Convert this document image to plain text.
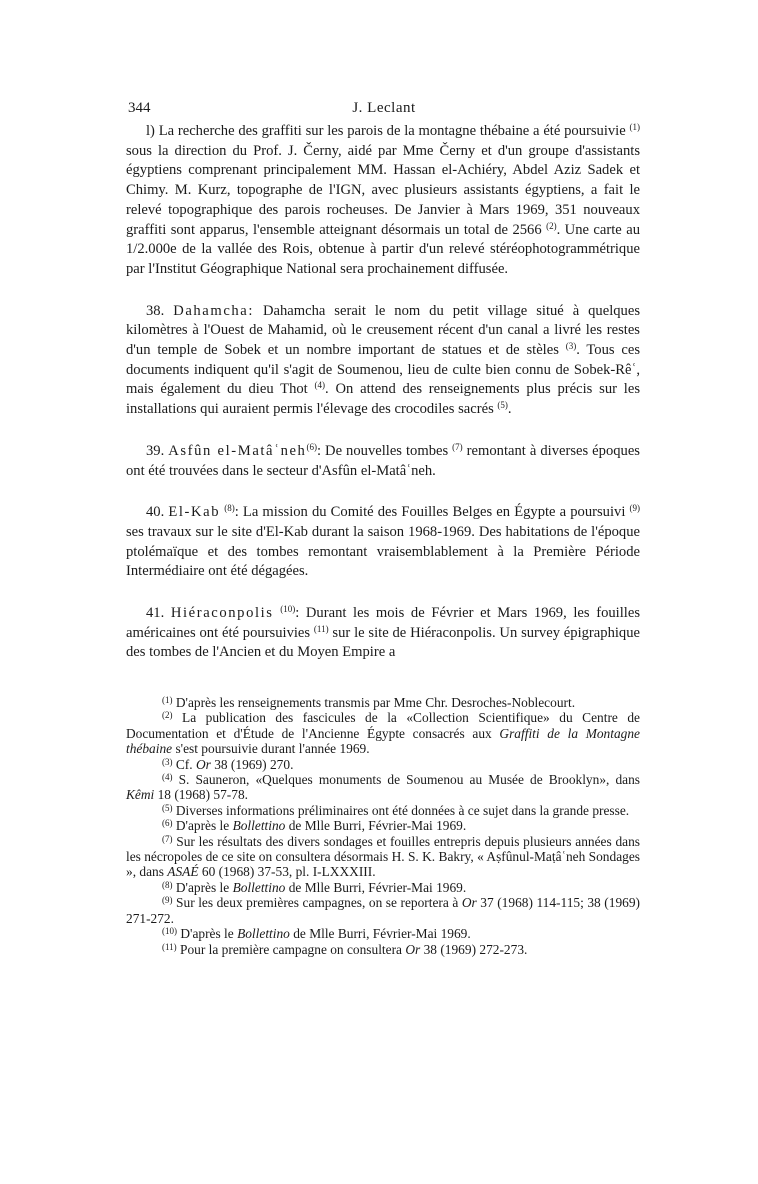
344	J. Leclant

l) La recherche des graffiti sur les parois de la montagne thébaine a été poursuivie $^{(1)}$ sous la direction du Prof. J. Černy, aidé par Mme Černy et d'un groupe d'assistants égyptiens comprenant principalement MM. Hassan el-Achiéry, Abdel Aziz Sadek et Chimy. M. Kurz, topographe de l'IGN, avec plusieurs assistants égyptiens, a fait le relevé topographique des parois rocheuses. De Janvier à Mars 1969, 351 nouveaux graffiti sont apparus, l'ensemble atteignant désormais un total de 2566 $^{(2)}$. Une carte au 1/2.000e de la vallée des Rois, obtenue à partir d'un relevé stéréophotogrammétrique par l'Institut Géographique National sera prochainement diffusée.

38. Dahamcha: Dahamcha serait le nom du petit village situé à quelques kilomètres à l'Ouest de Mahamid, où le creusement récent d'un canal a livré les restes d'un temple de Sobek et un nombre important de statues et de stèles $^{(3)}$. Tous ces documents indiquent qu'il s'agit de Soumenou, lieu de culte bien connu de Sobek-Rêʿ, mais également du dieu Thot $^{(4)}$. On attend des renseignements plus précis sur les installations qui auraient permis l'élevage des crocodiles sacrés $^{(5)}$.

39. Asfûn el-Matâʿneh$^{(6)}$: De nouvelles tombes $^{(7)}$ remontant à diverses époques ont été trouvées dans le secteur d'Asfûn el-Matâʿneh.

40. El-Kab $^{(8)}$: La mission du Comité des Fouilles Belges en Égypte a poursuivi $^{(9)}$ ses travaux sur le site d'El-Kab durant la saison 1968-1969. Des habitations de l'époque ptolémaïque et des tombes remontant vraisemblablement à la Première Période Intermédiaire ont été dégagées.

41. Hiéraconpolis $^{(10)}$: Durant les mois de Février et Mars 1969, les fouilles américaines ont été poursuivies $^{(11)}$ sur le site de Hiéraconpolis. Un survey épigraphique des tombes de l'Ancien et du Moyen Empire a

$^{(1)}$ D'après les renseignements transmis par Mme Chr. Desroches-Noblecourt.

$^{(2)}$ La publication des fascicules de la «Collection Scientifique» du Centre de Documentation et d'Étude de l'Ancienne Égypte consacrés aux Graffiti de la Montagne thébaine s'est poursuivie durant l'année 1969.

$^{(3)}$ Cf. Or 38 (1969) 270.

$^{(4)}$ S. Sauneron, «Quelques monuments de Soumenou au Musée de Brooklyn», dans Kêmi 18 (1968) 57-78.

$^{(5)}$ Diverses informations préliminaires ont été données à ce sujet dans la grande presse.

$^{(6)}$ D'après le Bollettino de Mlle Burri, Février-Mai 1969.

$^{(7)}$ Sur les résultats des divers sondages et fouilles entrepris depuis plusieurs années dans les nécropoles de ce site on consultera désormais H. S. K. Bakry, « Aṣfûnul-Maṭâʿneh Sondages », dans ASAÉ 60 (1968) 37-53, pl. I-LXXXIII.

$^{(8)}$ D'après le Bollettino de Mlle Burri, Février-Mai 1969.

$^{(9)}$ Sur les deux premières campagnes, on se reportera à Or 37 (1968) 114-115; 38 (1969) 271-272.

$^{(10)}$ D'après le Bollettino de Mlle Burri, Février-Mai 1969.

$^{(11)}$ Pour la première campagne on consultera Or 38 (1969) 272-273.
